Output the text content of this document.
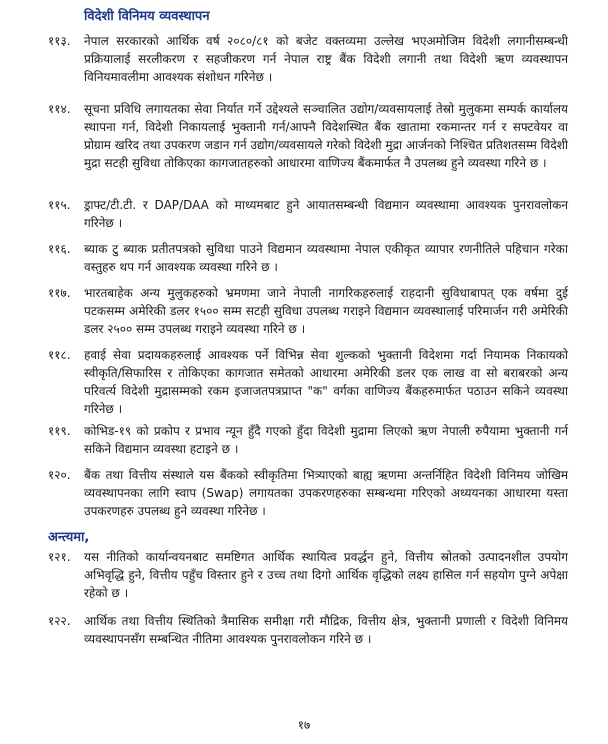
विदेशी विनिमय व्यवस्थापन
११३.	नेपाल सरकारको आर्थिक वर्ष २०८०/८१ को बजेट वक्तव्यमा उल्लेख भएअमोजिम विदेशी लगानीसम्बन्धी प्रक्रियालाई सरलीकरण र सहजीकरण गर्न नेपाल राष्ट्र बैंक विदेशी लगानी तथा विदेशी ऋण व्यवस्थापन विनियमावलीमा आवश्यक संशोधन गरिनेछ ।
११४.	सूचना प्रविधि लगायतका सेवा निर्यात गर्ने उद्देश्यले सञ्चालित उद्योग/व्यवसायलाई तेस्रो मुलुकमा सम्पर्क कार्यालय स्थापना गर्न, विदेशी निकायलाई भुक्तानी गर्न/आफ्नै विदेशस्थित बैंक खातामा रकमान्तर गर्न र सफ्टवेयर वा प्रोग्राम खरिद तथा उपकरण जडान गर्न उद्योग/व्यवसायले गरेको विदेशी मुद्रा आर्जनको निश्चित प्रतिशतसम्म विदेशी मुद्रा सटही सुविधा तोकिएका कागजातहरुको आधारमा वाणिज्य बैंकमार्फत नै उपलब्ध हुने व्यवस्था गरिने छ ।
११५.	ड्राफ्ट/टी.टी. र DAP/DAA को माध्यमबाट हुने आयातसम्बन्धी विद्यमान व्यवस्थामा आवश्यक पुनरावलोकन गरिनेछ ।
११६.	ब्याक टु ब्याक प्रतीतपत्रको सुविधा पाउने विद्यमान व्यवस्थामा नेपाल एकीकृत व्यापार रणनीतिले पहिचान गरेका वस्तुहरु थप गर्न आवश्यक व्यवस्था गरिने छ ।
११७.	भारतबाहेक अन्य मुलुकहरुको भ्रमणमा जाने नेपाली नागरिकहरुलाई राहदानी सुविधाबापत् एक वर्षमा दुई पटकसम्म अमेरिकी डलर १५०० सम्म सटही सुविधा उपलब्ध गराइने विद्यमान व्यवस्थालाई परिमार्जन गरी अमेरिकी डलर २५०० सम्म उपलब्ध गराइने व्यवस्था गरिने छ ।
११८.	हवाई सेवा प्रदायकहरुलाई आवश्यक पर्ने विभिन्न सेवा शुल्कको भुक्तानी विदेशमा गर्दा नियामक निकायको स्वीकृति/सिफारिस र तोकिएका कागजात समेतको आधारमा अमेरिकी डलर एक लाख वा सो बराबरको अन्य परिवर्त्य विदेशी मुद्रासम्मको रकम इजाजतपत्रप्राप्त "क" वर्गका वाणिज्य बैंकहरुमार्फत पठाउन सकिने व्यवस्था गरिनेछ ।
११९.	कोभिड-१९ को प्रकोप र प्रभाव न्यून हुँदै गएको हुँदा विदेशी मुद्रामा लिएको ऋण नेपाली रुपैयामा भुक्तानी गर्न सकिने विद्यमान व्यवस्था हटाइने छ ।
१२०.	बैंक तथा वित्तीय संस्थाले यस बैंकको स्वीकृतिमा भित्र्याएको बाह्य ऋणमा अन्तर्निहित विदेशी विनिमय जोखिम व्यवस्थापनका लागि स्वाप (Swap) लगायतका उपकरणहरुका सम्बन्धमा गरिएको अध्ययनका आधारमा यस्ता उपकरणहरु उपलब्ध हुने व्यवस्था गरिनेछ ।
अन्त्यमा,
१२१.	यस नीतिको कार्यान्वयनबाट समष्टिगत आर्थिक स्थायित्व प्रवर्द्धन हुने, वित्तीय स्रोतको उत्पादनशील उपयोग अभिवृद्धि हुने, वित्तीय पहुँच विस्तार हुने र उच्च तथा दिगो आर्थिक वृद्धिको लक्ष्य हासिल गर्न सहयोग पुग्ने अपेक्षा रहेको छ ।
१२२.	आर्थिक तथा वित्तीय स्थितिको त्रैमासिक समीक्षा गरी मौद्रिक, वित्तीय क्षेत्र, भुक्तानी प्रणाली र विदेशी विनिमय व्यवस्थापनसँग सम्बन्धित नीतिमा आवश्यक पुनरावलोकन गरिने छ ।
१७
